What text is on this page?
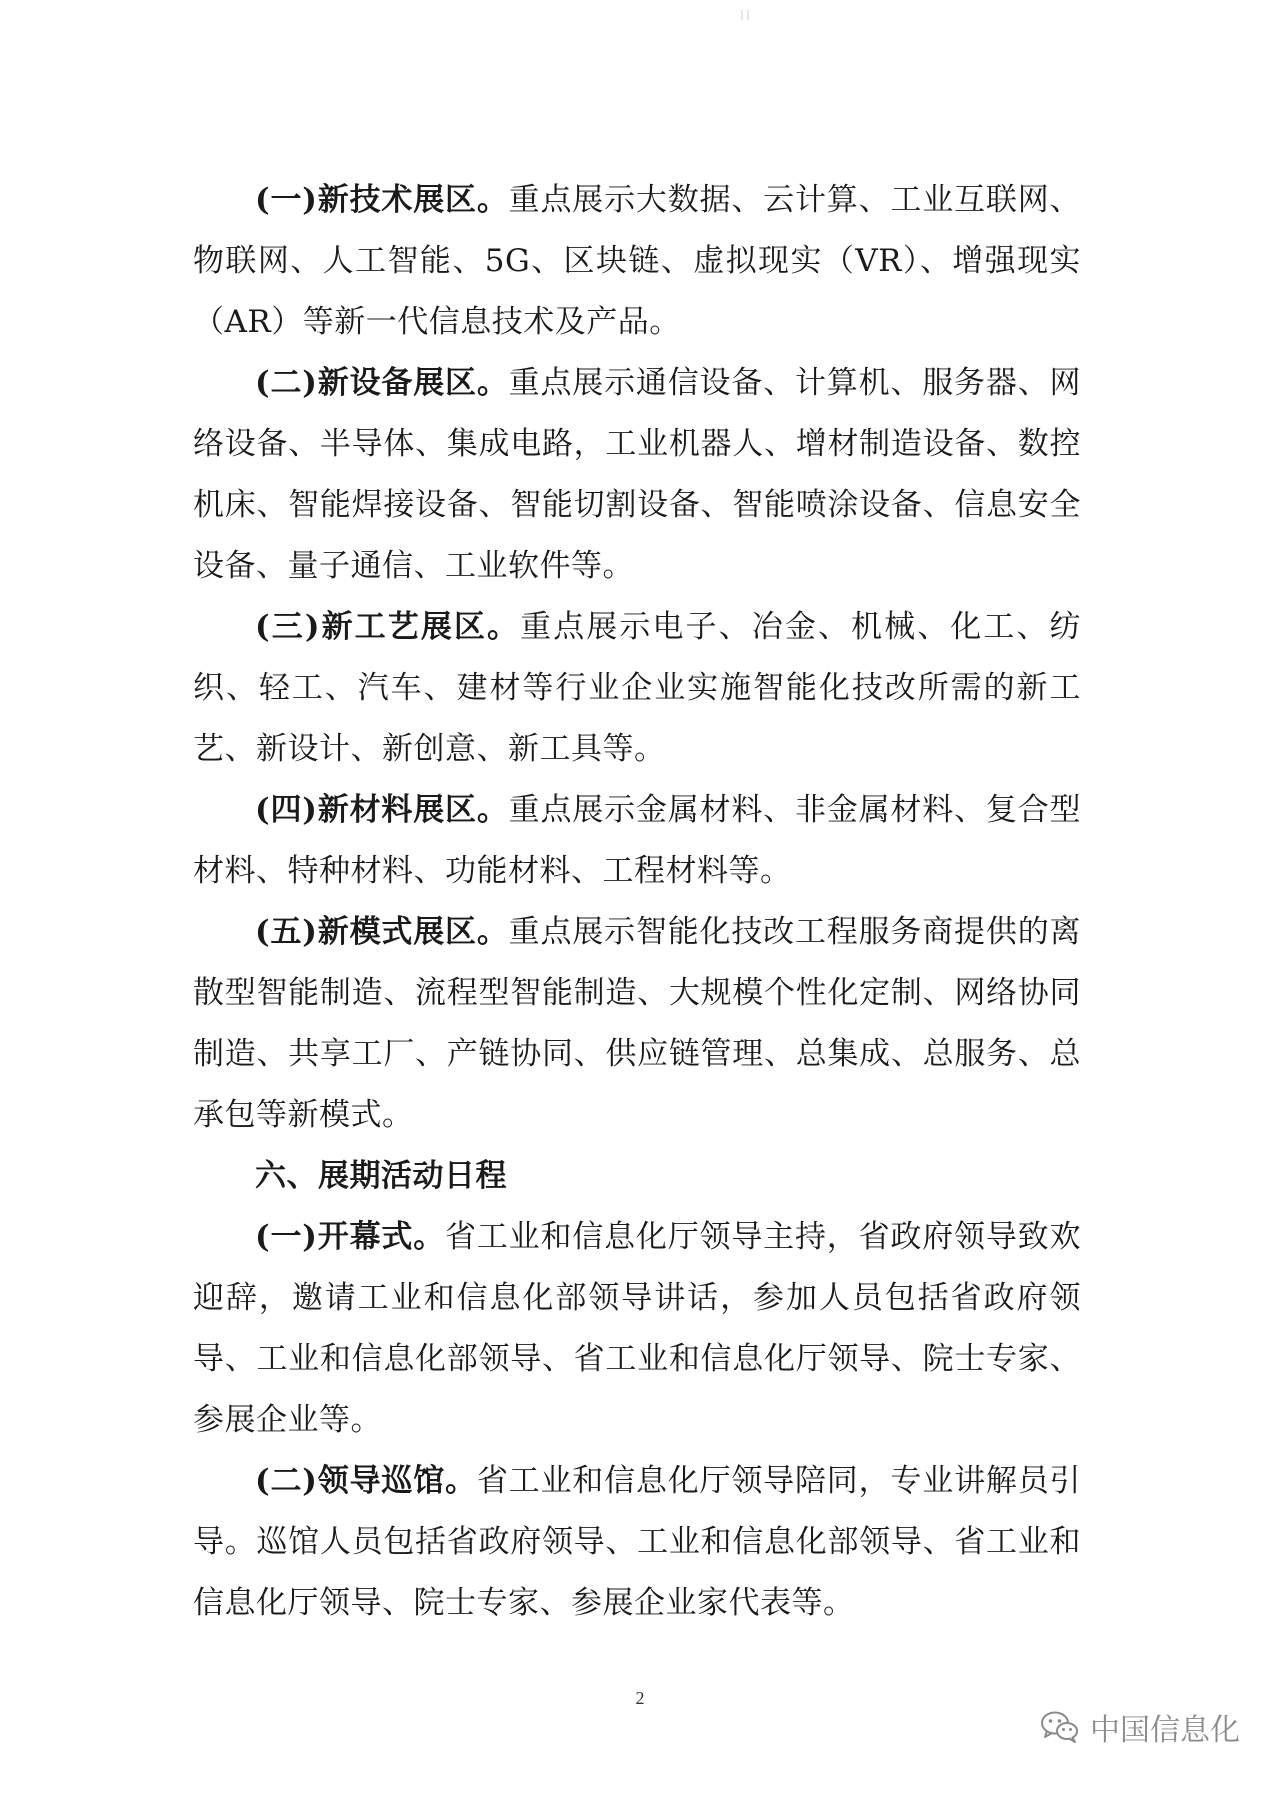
(一)新技术展区。重点展示大数据、云计算、工业互联网、物联网、人工智能、5G、区块链、虚拟现实（VR）、增强现实（AR）等新一代信息技术及产品。

(二)新设备展区。重点展示通信设备、计算机、服务器、网络设备、半导体、集成电路，工业机器人、增材制造设备、数控机床、智能焊接设备、智能切割设备、智能喷涂设备、信息安全设备、量子通信、工业软件等。

(三)新工艺展区。重点展示电子、冶金、机械、化工、纺织、轻工、汽车、建材等行业企业实施智能化技改所需的新工艺、新设计、新创意、新工具等。

(四)新材料展区。重点展示金属材料、非金属材料、复合型材料、特种材料、功能材料、工程材料等。

(五)新模式展区。重点展示智能化技改工程服务商提供的离散型智能制造、流程型智能制造、大规模个性化定制、网络协同制造、共享工厂、产链协同、供应链管理、总集成、总服务、总承包等新模式。

六、展期活动日程

(一)开幕式。省工业和信息化厅领导主持，省政府领导致欢迎辞，邀请工业和信息化部领导讲话，参加人员包括省政府领导、工业和信息化部领导、省工业和信息化厅领导、院士专家、参展企业等。

(二)领导巡馆。省工业和信息化厅领导陪同，专业讲解员引导。巡馆人员包括省政府领导、工业和信息化部领导、省工业和信息化厅领导、院士专家、参展企业家代表等。

2
中国信息化
